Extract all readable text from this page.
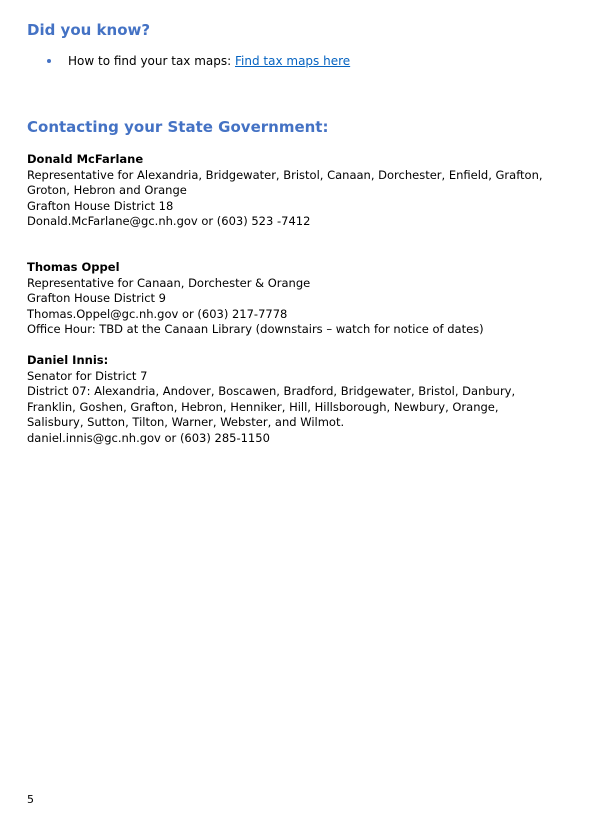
Did you know?
How to find your tax maps: Find tax maps here
Contacting your State Government:
Donald McFarlane
Representative for Alexandria, Bridgewater, Bristol, Canaan, Dorchester, Enfield, Grafton,
Groton, Hebron and Orange
Grafton House District 18
Donald.McFarlane@gc.nh.gov or (603) 523 -7412
Thomas Oppel
Representative for Canaan, Dorchester & Orange
Grafton House District 9
Thomas.Oppel@gc.nh.gov or (603) 217-7778
Office Hour: TBD at the Canaan Library (downstairs – watch for notice of dates)
Daniel Innis:
Senator for District 7
District 07: Alexandria, Andover, Boscawen, Bradford, Bridgewater, Bristol, Danbury,
Franklin, Goshen, Grafton, Hebron, Henniker, Hill, Hillsborough, Newbury, Orange,
Salisbury, Sutton, Tilton, Warner, Webster, and Wilmot.
daniel.innis@gc.nh.gov or (603) 285-1150
5
